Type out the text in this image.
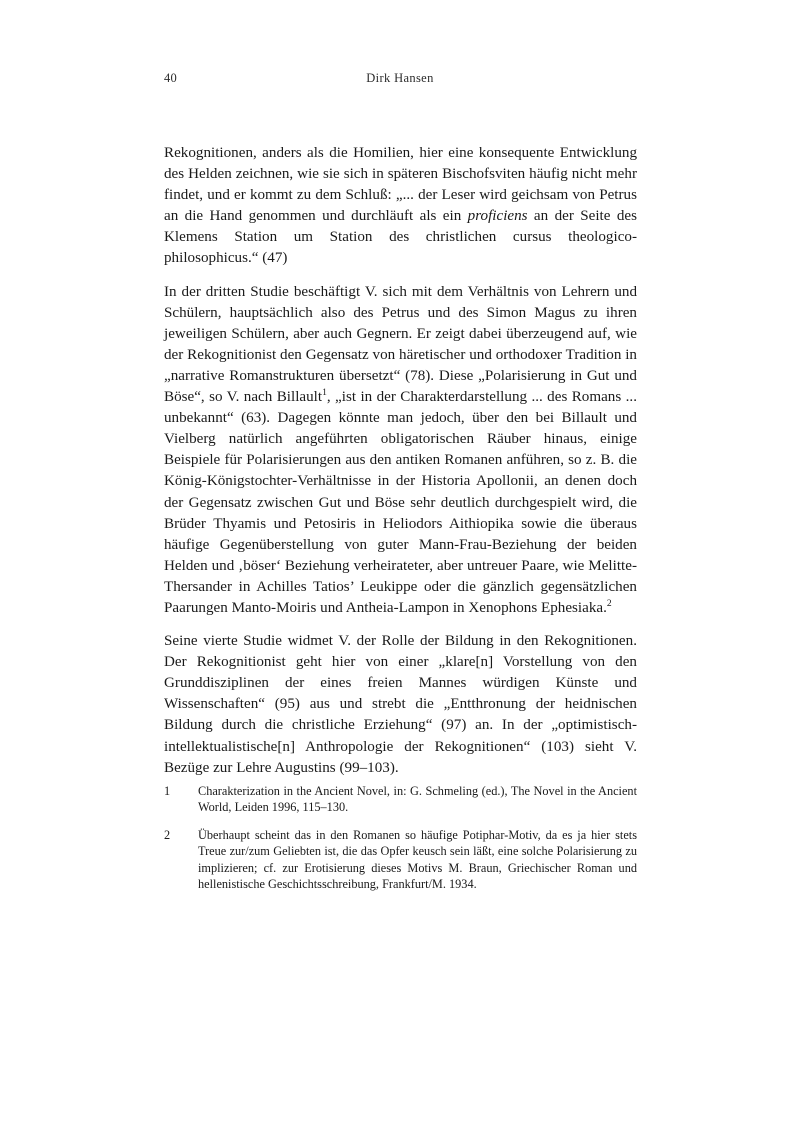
40	Dirk Hansen

Rekognitionen, anders als die Homilien, hier eine konsequente Entwicklung des Helden zeichnen, wie sie sich in späteren Bischofsviten häufig nicht mehr findet, und er kommt zu dem Schluß: „... der Leser wird geichsam von Petrus an die Hand genommen und durchläuft als ein proficiens an der Seite des Klemens Station um Station des christlichen cursus theologico-philosophicus.“ (47)

In der dritten Studie beschäftigt V. sich mit dem Verhältnis von Lehrern und Schülern, hauptsächlich also des Petrus und des Simon Magus zu ihren jeweiligen Schülern, aber auch Gegnern. Er zeigt dabei überzeugend auf, wie der Rekognitionist den Gegensatz von häretischer und orthodoxer Tradition in „narrative Romanstrukturen übersetzt“ (78). Diese „Polarisierung in Gut und Böse“, so V. nach Billault$^1$, „ist in der Charakterdarstellung ... des Romans ... unbekannt“ (63). Dagegen könnte man jedoch, über den bei Billault und Vielberg natürlich angeführten obligatorischen Räuber hinaus, einige Beispiele für Polarisierungen aus den antiken Romanen anführen, so z. B. die König-Königstochter-Verhältnisse in der Historia Apollonii, an denen doch der Gegensatz zwischen Gut und Böse sehr deutlich durchgespielt wird, die Brüder Thyamis und Petosiris in Heliodors Aithiopika sowie die überaus häufige Gegenüberstellung von guter Mann-Frau-Beziehung der beiden Helden und ‚böser‘ Beziehung verheirateter, aber untreuer Paare, wie Melitte-Thersander in Achilles Tatios’ Leukippe oder die gänzlich gegensätzlichen Paarungen Manto-Moiris und Antheia-Lampon in Xenophons Ephesiaka.$^2$

Seine vierte Studie widmet V. der Rolle der Bildung in den Rekognitionen. Der Rekognitionist geht hier von einer „klare[n] Vorstellung von den Grunddisziplinen der eines freien Mannes würdigen Künste und Wissenschaften“ (95) aus und strebt die „Entthronung der heidnischen Bildung durch die christliche Erziehung“ (97) an. In der „optimistisch-intellektualistische[n] Anthropologie der Rekognitionen“ (103) sieht V. Bezüge zur Lehre Augustins (99–103).

1	Charakterization in the Ancient Novel, in: G. Schmeling (ed.), The Novel in the Ancient World, Leiden 1996, 115–130.
2	Überhaupt scheint das in den Romanen so häufige Potiphar-Motiv, da es ja hier stets Treue zur/zum Geliebten ist, die das Opfer keusch sein läßt, eine solche Polarisierung zu implizieren; cf. zur Erotisierung dieses Motivs M. Braun, Griechischer Roman und hellenistische Geschichtsschreibung, Frankfurt/M. 1934.
